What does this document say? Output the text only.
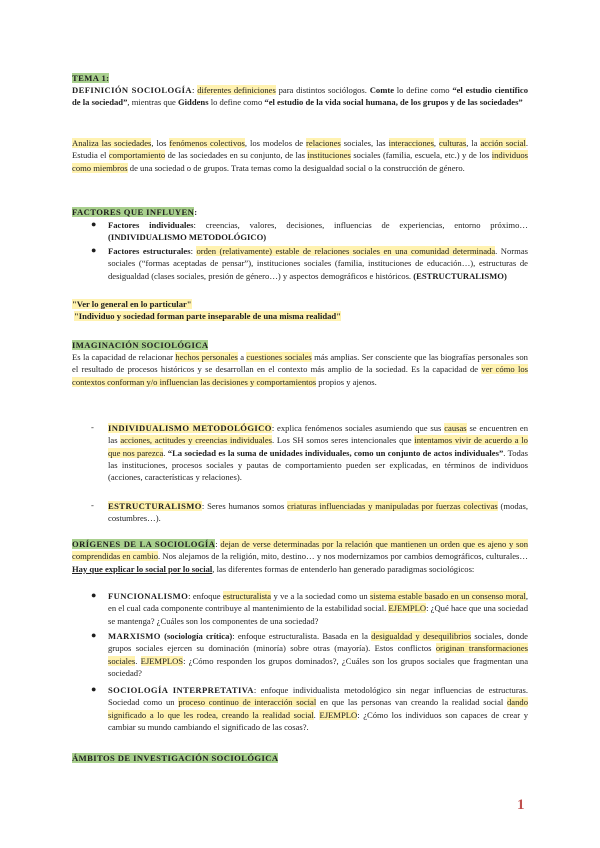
TEMA 1:
DEFINICIÓN SOCIOLOGÍA: diferentes definiciones para distintos sociólogos. Comte lo define como “el estudio científico de la sociedad”, mientras que Giddens lo define como “el estudio de la vida social humana, de los grupos y de las sociedades”
Analiza las sociedades, los fenómenos colectivos, los modelos de relaciones sociales, las interacciones, culturas, la acción social. Estudia el comportamiento de las sociedades en su conjunto, de las instituciones sociales (familia, escuela, etc.) y de los individuos como miembros de una sociedad o de grupos. Trata temas como la desigualdad social o la construcción de género.
FACTORES QUE INFLUYEN:
● Factores individuales: creencias, valores, decisiones, influencias de experiencias, entorno próximo… (INDIVIDUALISMO METODOLÓGICO)
● Factores estructurales: orden (relativamente) estable de relaciones sociales en una comunidad determinada. Normas sociales (“formas aceptadas de pensar”), instituciones sociales (familia, instituciones de educación…), estructuras de desigualdad (clases sociales, presión de género…) y aspectos demográficos e históricos. (ESTRUCTURALISMO)
"Ver lo general en lo particular"
"Individuo y sociedad forman parte inseparable de una misma realidad"
IMAGINACIÓN SOCIOLÓGICA
Es la capacidad de relacionar hechos personales a cuestiones sociales más amplias. Ser consciente que las biografías personales son el resultado de procesos históricos y se desarrollan en el contexto más amplio de la sociedad. Es la capacidad de ver cómo los contextos conforman y/o influencian las decisiones y comportamientos propios y ajenos.
- INDIVIDUALISMO METODOLÓGICO: explica fenómenos sociales asumiendo que sus causas se encuentren en las acciones, actitudes y creencias individuales. Los SH somos seres intencionales que intentamos vivir de acuerdo a lo que nos parezca. “La sociedad es la suma de unidades individuales, como un conjunto de actos individuales”. Todas las instituciones, procesos sociales y pautas de comportamiento pueden ser explicadas, en términos de individuos (acciones, características y relaciones).
- ESTRUCTURALISMO: Seres humanos somos criaturas influenciadas y manipuladas por fuerzas colectivas (modas, costumbres…).
ORÍGENES DE LA SOCIOLOGÍA: dejan de verse determinadas por la relación que mantienen un orden que es ajeno y son comprendidas en cambio. Nos alejamos de la religión, mito, destino… y nos modernizamos por cambios demográficos, culturales… Hay que explicar lo social por lo social, las diferentes formas de entenderlo han generado paradigmas sociológicos:
● FUNCIONALISMO: enfoque estructuralista y ve a la sociedad como un sistema estable basado en un consenso moral, en el cual cada componente contribuye al mantenimiento de la estabilidad social. EJEMPLO: ¿Qué hace que una sociedad se mantenga? ¿Cuáles son los componentes de una sociedad?
● MARXISMO (sociología crítica): enfoque estructuralista. Basada en la desigualdad y desequilibrios sociales, donde grupos sociales ejercen su dominación (minoría) sobre otras (mayoría). Estos conflictos originan transformaciones sociales. EJEMPLOS: ¿Cómo responden los grupos dominados?, ¿Cuáles son los grupos sociales que fragmentan una sociedad?
● SOCIOLOGÍA INTERPRETATIVA: enfoque individualista metodológico sin negar influencias de estructuras. Sociedad como un proceso continuo de interacción social en que las personas van creando la realidad social dando significado a lo que les rodea, creando la realidad social. EJEMPLO: ¿Cómo los individuos son capaces de crear y cambiar su mundo cambiando el significado de las cosas?.
ÁMBITOS DE INVESTIGACIÓN SOCIOLÓGICA
1
